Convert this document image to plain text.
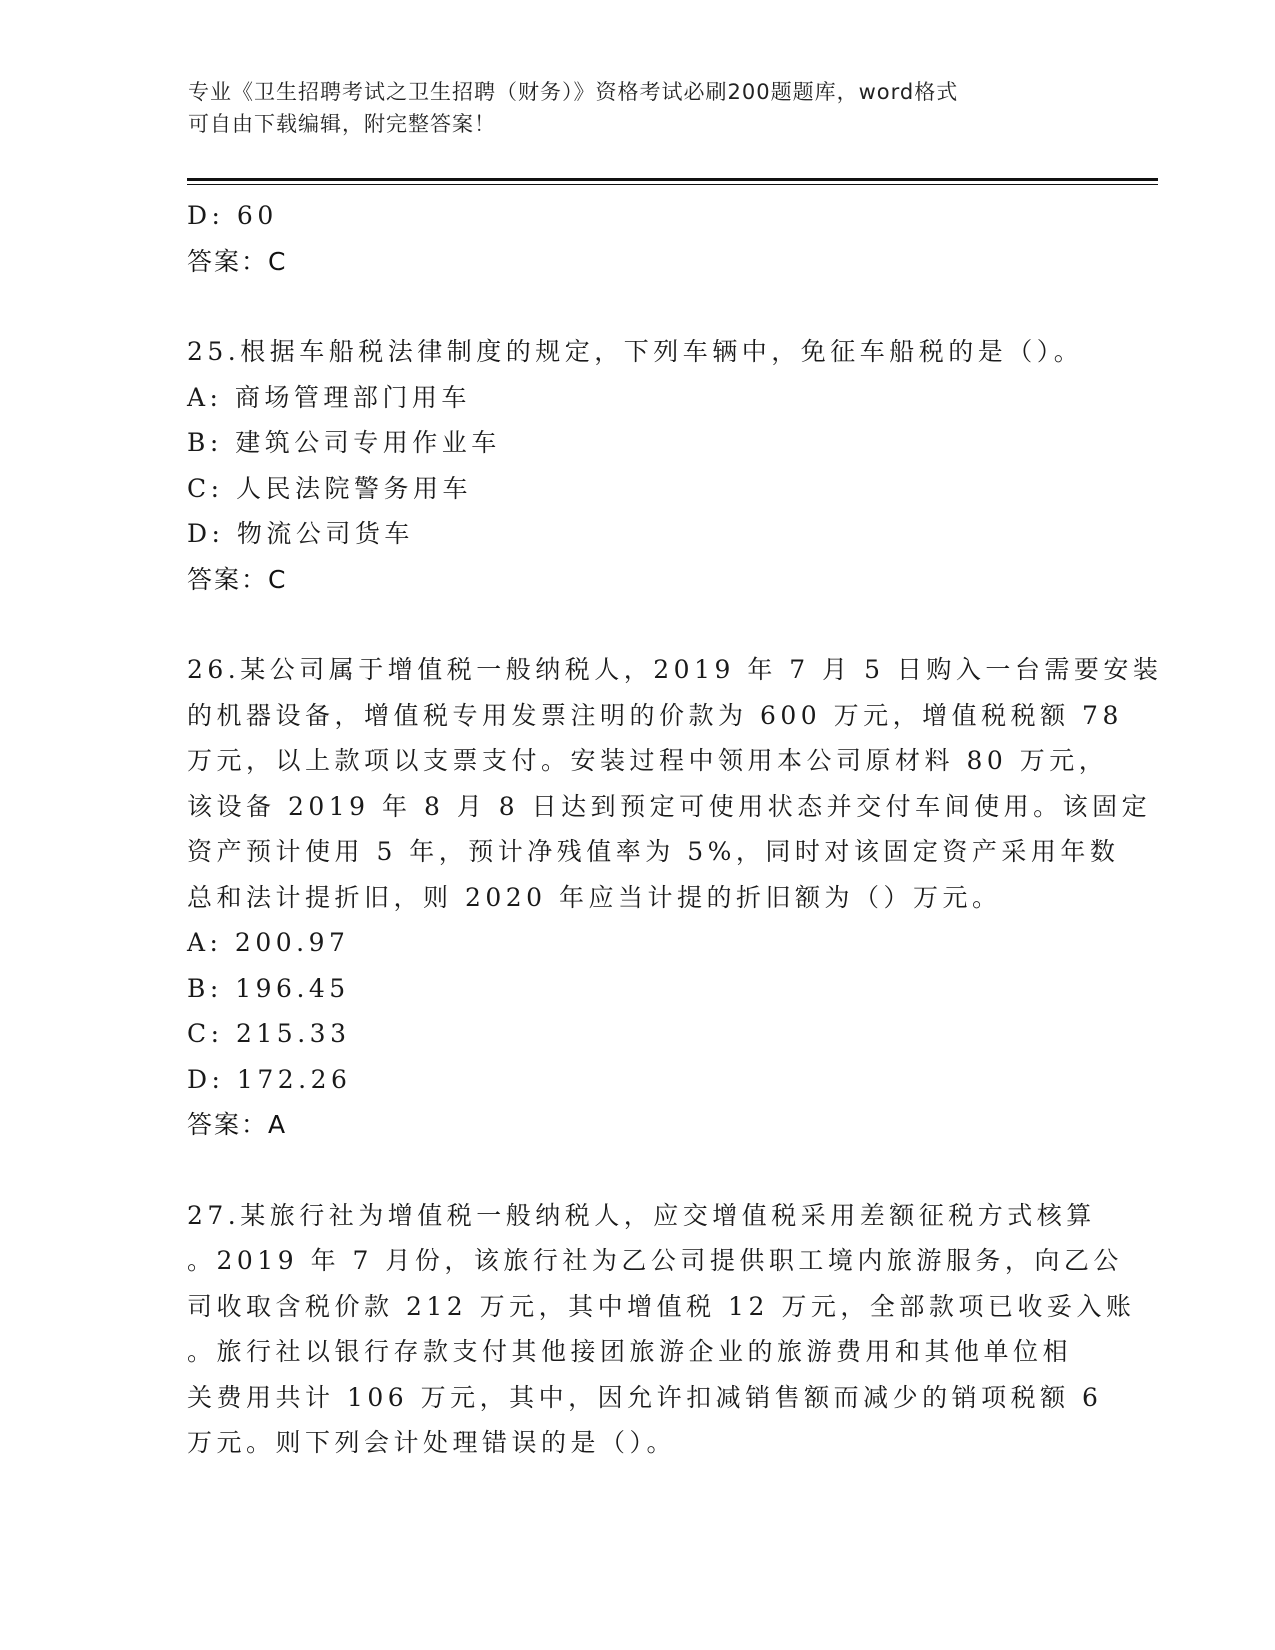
专业《卫生招聘考试之卫生招聘（财务）》资格考试必刷200题题库，word格式
可自由下载编辑，附完整答案！
D: 60
答案：C
25.根据车船税法律制度的规定，下列车辆中，免征车船税的是（）。
A: 商场管理部门用车
B: 建筑公司专用作业车
C: 人民法院警务用车
D: 物流公司货车
答案：C
26.某公司属于增值税一般纳税人，2019 年 7 月 5 日购入一台需要安装
的机器设备，增值税专用发票注明的价款为 600 万元，增值税税额 78
万元，以上款项以支票支付。安装过程中领用本公司原材料 80 万元，
该设备 2019 年 8 月 8 日达到预定可使用状态并交付车间使用。该固定
资产预计使用 5 年，预计净残值率为 5%，同时对该固定资产采用年数
总和法计提折旧，则 2020 年应当计提的折旧额为（）万元。
A: 200.97
B: 196.45
C: 215.33
D: 172.26
答案：A
27.某旅行社为增值税一般纳税人，应交增值税采用差额征税方式核算
。2019 年 7 月份，该旅行社为乙公司提供职工境内旅游服务，向乙公
司收取含税价款 212 万元，其中增值税 12 万元，全部款项已收妥入账
。旅行社以银行存款支付其他接团旅游企业的旅游费用和其他单位相
关费用共计 106 万元，其中，因允许扣减销售额而减少的销项税额 6
万元。则下列会计处理错误的是（）。
